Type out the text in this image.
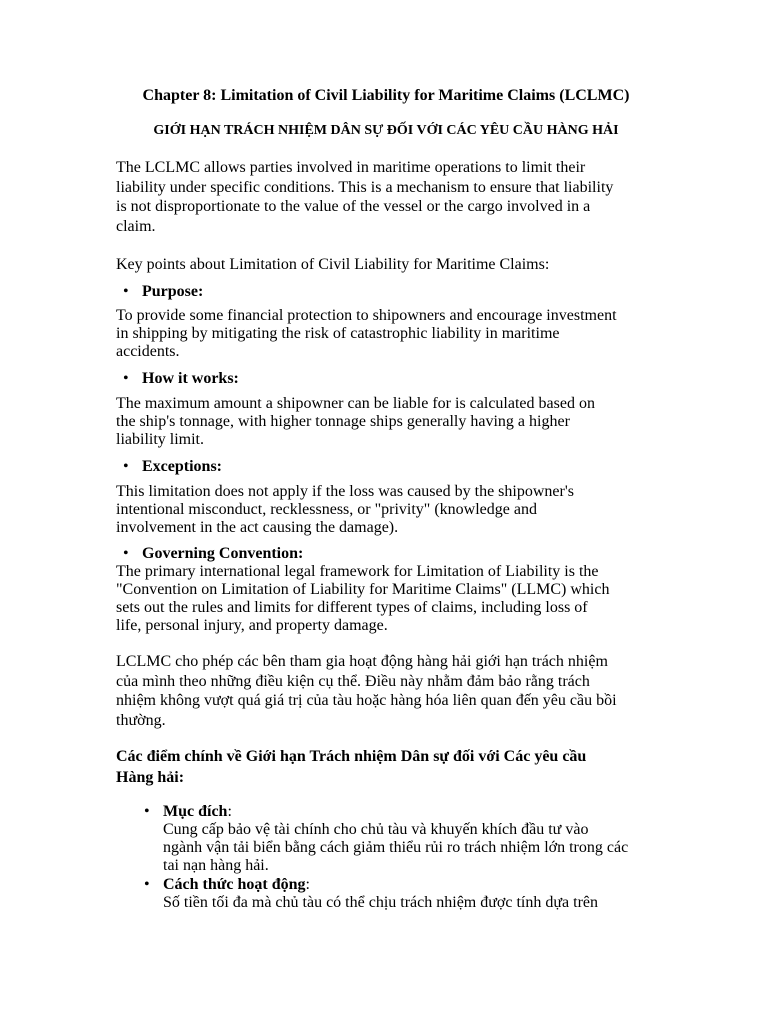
Chapter 8: Limitation of Civil Liability for Maritime Claims (LCLMC)
GIỚI HẠN TRÁCH NHIỆM DÂN SỰ ĐỐI VỚI CÁC YÊU CẦU HÀNG HẢI
The LCLMC allows parties involved in maritime operations to limit their
liability under specific conditions. This is a mechanism to ensure that liability
is not disproportionate to the value of the vessel or the cargo involved in a
claim.
Key points about Limitation of Civil Liability for Maritime Claims:
• Purpose:
To provide some financial protection to shipowners and encourage investment
in shipping by mitigating the risk of catastrophic liability in maritime
accidents.
• How it works:
The maximum amount a shipowner can be liable for is calculated based on
the ship's tonnage, with higher tonnage ships generally having a higher
liability limit.
• Exceptions:
This limitation does not apply if the loss was caused by the shipowner's
intentional misconduct, recklessness, or "privity" (knowledge and
involvement in the act causing the damage).
• Governing Convention:
The primary international legal framework for Limitation of Liability is the
"Convention on Limitation of Liability for Maritime Claims" (LLMC) which
sets out the rules and limits for different types of claims, including loss of
life, personal injury, and property damage.
LCLMC cho phép các bên tham gia hoạt động hàng hải giới hạn trách nhiệm
của mình theo những điều kiện cụ thể. Điều này nhằm đảm bảo rằng trách
nhiệm không vượt quá giá trị của tàu hoặc hàng hóa liên quan đến yêu cầu bồi
thường.
Các điểm chính về Giới hạn Trách nhiệm Dân sự đối với Các yêu cầu
Hàng hải:
• Mục đích:
Cung cấp bảo vệ tài chính cho chủ tàu và khuyến khích đầu tư vào
ngành vận tải biển bằng cách giảm thiểu rủi ro trách nhiệm lớn trong các
tai nạn hàng hải.
• Cách thức hoạt động:
Số tiền tối đa mà chủ tàu có thể chịu trách nhiệm được tính dựa trên
